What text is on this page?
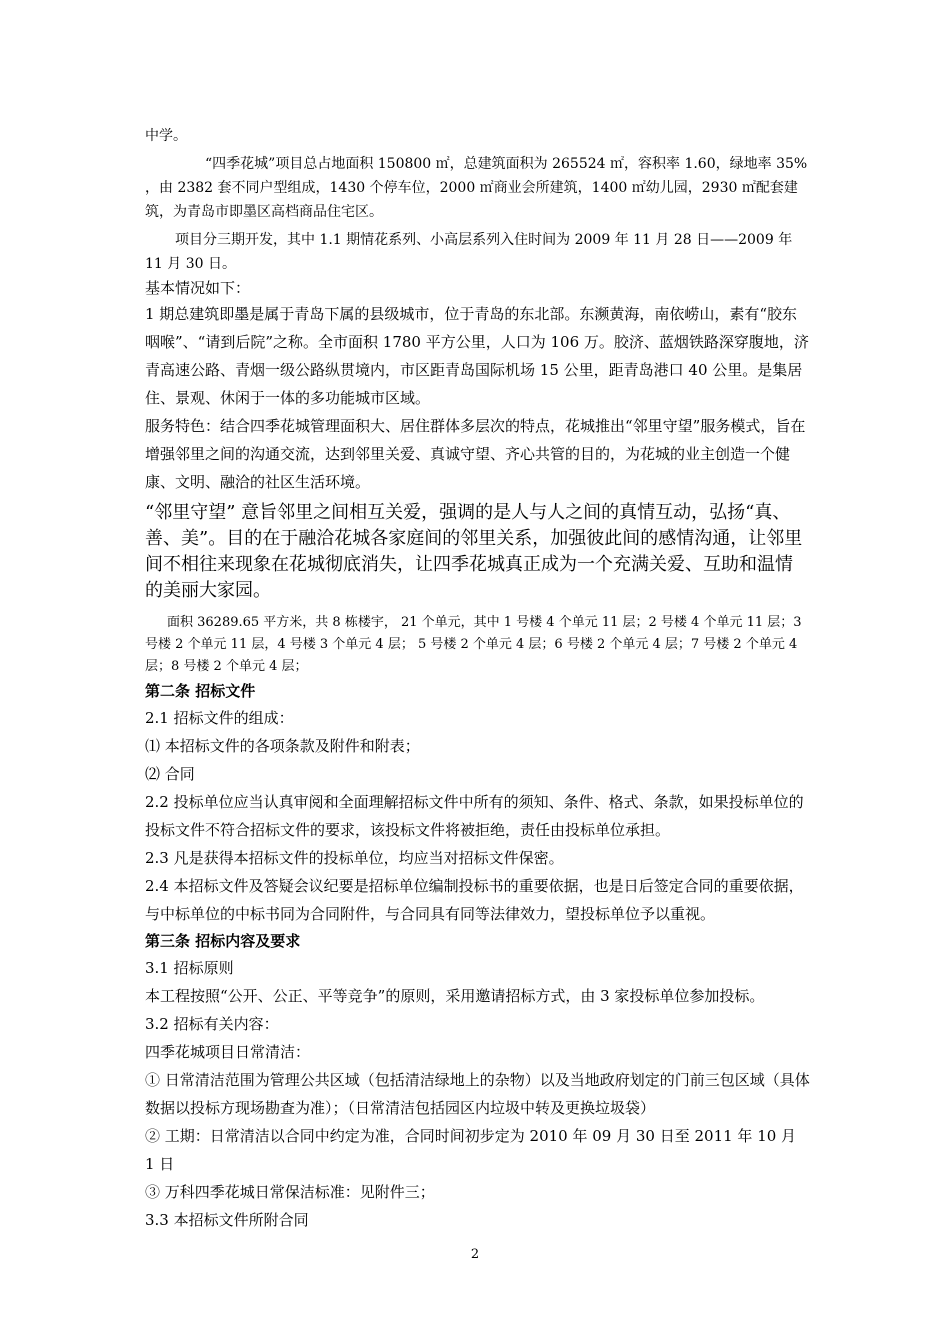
中学。

“四季花城”项目总占地面积 150800 ㎡，总建筑面积为 265524 ㎡，容积率 1.60，绿地率 35% ，由 2382 套不同户型组成，1430 个停车位，2000 ㎡商业会所建筑，1400 ㎡幼儿园，2930 ㎡配套建筑，为青岛市即墨区高档商品住宅区。

项目分三期开发，其中 1.1 期情花系列、小高层系列入住时间为 2009 年 11 月 28 日——2009 年 11 月 30 日。

基本情况如下：

1 期总建筑即墨是属于青岛下属的县级城市，位于青岛的东北部。东濒黄海，南依崂山，素有“胶东咽喉”、“请到后院”之称。全市面积 1780 平方公里，人口为 106 万。胶济、蓝烟铁路深穿腹地，济青高速公路、青烟一级公路纵贯境内，市区距青岛国际机场 15 公里，距青岛港口 40 公里。是集居住、景观、休闲于一体的多功能城市区域。

服务特色：结合四季花城管理面积大、居住群体多层次的特点，花城推出“邻里守望”服务模式，旨在增强邻里之间的沟通交流，达到邻里关爱、真诚守望、齐心共管的目的，为花城的业主创造一个健康、文明、融洽的社区生活环境。

“邻里守望” 意旨邻里之间相互关爱，强调的是人与人之间的真情互动，弘扬“真、善、美”。目的在于融洽花城各家庭间的邻里关系，加强彼此间的感情沟通，让邻里间不相往来现象在花城彻底消失，让四季花城真正成为一个充满关爱、互助和温情的美丽大家园。

面积 36289.65 平方米，共 8 栋楼宇， 21 个单元，其中 1 号楼 4 个单元 11 层；2 号楼 4 个单元 11 层；3 号楼 2 个单元 11 层，4 号楼 3 个单元 4 层； 5 号楼 2 个单元 4 层；6 号楼 2 个单元 4 层；7 号楼 2 个单元 4 层；8 号楼 2 个单元 4 层；

第二条 招标文件

2.1 招标文件的组成：

⑴ 本招标文件的各项条款及附件和附表；

⑵ 合同

2.2 投标单位应当认真审阅和全面理解招标文件中所有的须知、条件、格式、条款，如果投标单位的投标文件不符合招标文件的要求，该投标文件将被拒绝，责任由投标单位承担。

2.3 凡是获得本招标文件的投标单位，均应当对招标文件保密。

2.4 本招标文件及答疑会议纪要是招标单位编制投标书的重要依据，也是日后签定合同的重要依据，与中标单位的中标书同为合同附件，与合同具有同等法律效力，望投标单位予以重视。

第三条 招标内容及要求

3.1 招标原则

本工程按照“公开、公正、平等竞争”的原则，采用邀请招标方式，由 3 家投标单位参加投标。

3.2 招标有关内容：

四季花城项目日常清洁：

① 日常清洁范围为管理公共区域（包括清洁绿地上的杂物）以及当地政府划定的门前三包区域（具体数据以投标方现场勘查为准）；（日常清洁包括园区内垃圾中转及更换垃圾袋）

② 工期：日常清洁以合同中约定为准，合同时间初步定为 2010 年 09 月 30 日至 2011 年 10 月 1 日

③ 万科四季花城日常保洁标准：见附件三；

3.3 本招标文件所附合同

2
